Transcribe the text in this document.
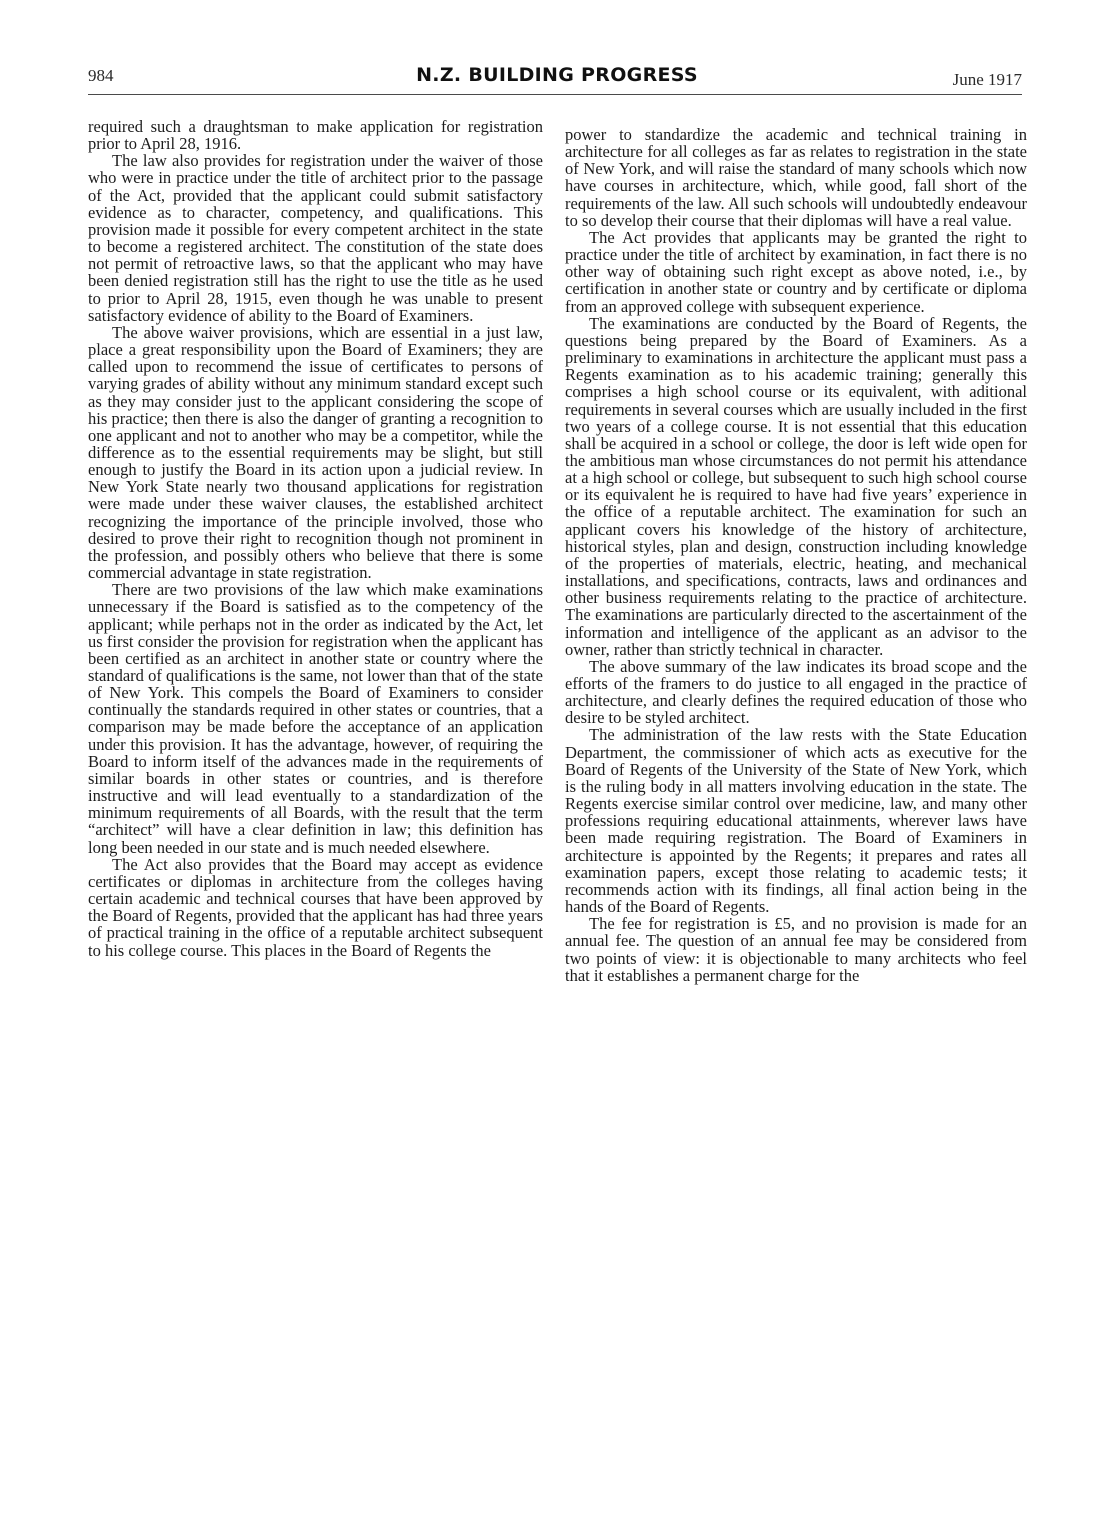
984	N.Z. BUILDING PROGRESS	June 1917

required such a draughtsman to make application for registration prior to April 28, 1916.

The law also provides for registration under the waiver of those who were in practice under the title of architect prior to the passage of the Act, provided that the applicant could submit satisfactory evidence as to character, competency, and qualifications. This provision made it possible for every competent architect in the state to become a registered architect. The constitution of the state does not permit of retroactive laws, so that the applicant who may have been denied registration still has the right to use the title as he used to prior to April 28, 1915, even though he was unable to present satisfactory evidence of ability to the Board of Examiners.

The above waiver provisions, which are essential in a just law, place a great responsibility upon the Board of Examiners; they are called upon to recommend the issue of certificates to persons of varying grades of ability without any minimum standard except such as they may consider just to the applicant considering the scope of his practice; then there is also the danger of granting a recognition to one applicant and not to another who may be a competitor, while the difference as to the essential requirements may be slight, but still enough to justify the Board in its action upon a judicial review. In New York State nearly two thousand applications for registration were made under these waiver clauses, the established architect recognizing the importance of the principle involved, those who desired to prove their right to recognition though not prominent in the profession, and possibly others who believe that there is some commercial advantage in state registration.

There are two provisions of the law which make examinations unnecessary if the Board is satisfied as to the competency of the applicant; while perhaps not in the order as indicated by the Act, let us first consider the provision for registration when the applicant has been certified as an architect in another state or country where the standard of qualifications is the same, not lower than that of the state of New York. This compels the Board of Examiners to consider continually the standards required in other states or countries, that a comparison may be made before the acceptance of an application under this provision. It has the advantage, however, of requiring the Board to inform itself of the advances made in the requirements of similar boards in other states or countries, and is therefore instructive and will lead eventually to a standardization of the minimum requirements of all Boards, with the result that the term “architect” will have a clear definition in law; this definition has long been needed in our state and is much needed elsewhere.

The Act also provides that the Board may accept as evidence certificates or diplomas in architecture from the colleges having certain academic and technical courses that have been approved by the Board of Regents, provided that the applicant has had three years of practical training in the office of a reputable architect subsequent to his college course. This places in the Board of Regents the

power to standardize the academic and technical training in architecture for all colleges as far as relates to registration in the state of New York, and will raise the standard of many schools which now have courses in architecture, which, while good, fall short of the requirements of the law. All such schools will undoubtedly endeavour to so develop their course that their diplomas will have a real value.

The Act provides that applicants may be granted the right to practice under the title of architect by examination, in fact there is no other way of obtaining such right except as above noted, i.e., by certification in another state or country and by certificate or diploma from an approved college with subsequent experience.

The examinations are conducted by the Board of Regents, the questions being prepared by the Board of Examiners. As a preliminary to examinations in architecture the applicant must pass a Regents examination as to his academic training; generally this comprises a high school course or its equivalent, with aditional requirements in several courses which are usually included in the first two years of a college course. It is not essential that this education shall be acquired in a school or college, the door is left wide open for the ambitious man whose circumstances do not permit his attendance at a high school or college, but subsequent to such high school course or its equivalent he is required to have had five years’ experience in the office of a reputable architect. The examination for such an applicant covers his knowledge of the history of architecture, historical styles, plan and design, construction including knowledge of the properties of materials, electric, heating, and mechanical installations, and specifications, contracts, laws and ordinances and other business requirements relating to the practice of architecture. The examinations are particularly directed to the ascertainment of the information and intelligence of the applicant as an advisor to the owner, rather than strictly technical in character.

The above summary of the law indicates its broad scope and the efforts of the framers to do justice to all engaged in the practice of architecture, and clearly defines the required education of those who desire to be styled architect.

The administration of the law rests with the State Education Department, the commissioner of which acts as executive for the Board of Regents of the University of the State of New York, which is the ruling body in all matters involving education in the state. The Regents exercise similar control over medicine, law, and many other professions requiring educational attainments, wherever laws have been made requiring registration. The Board of Examiners in architecture is appointed by the Regents; it prepares and rates all examination papers, except those relating to academic tests; it recommends action with its findings, all final action being in the hands of the Board of Regents.

The fee for registration is £5, and no provision is made for an annual fee. The question of an annual fee may be considered from two points of view: it is objectionable to many architects who feel that it establishes a permanent charge for the
